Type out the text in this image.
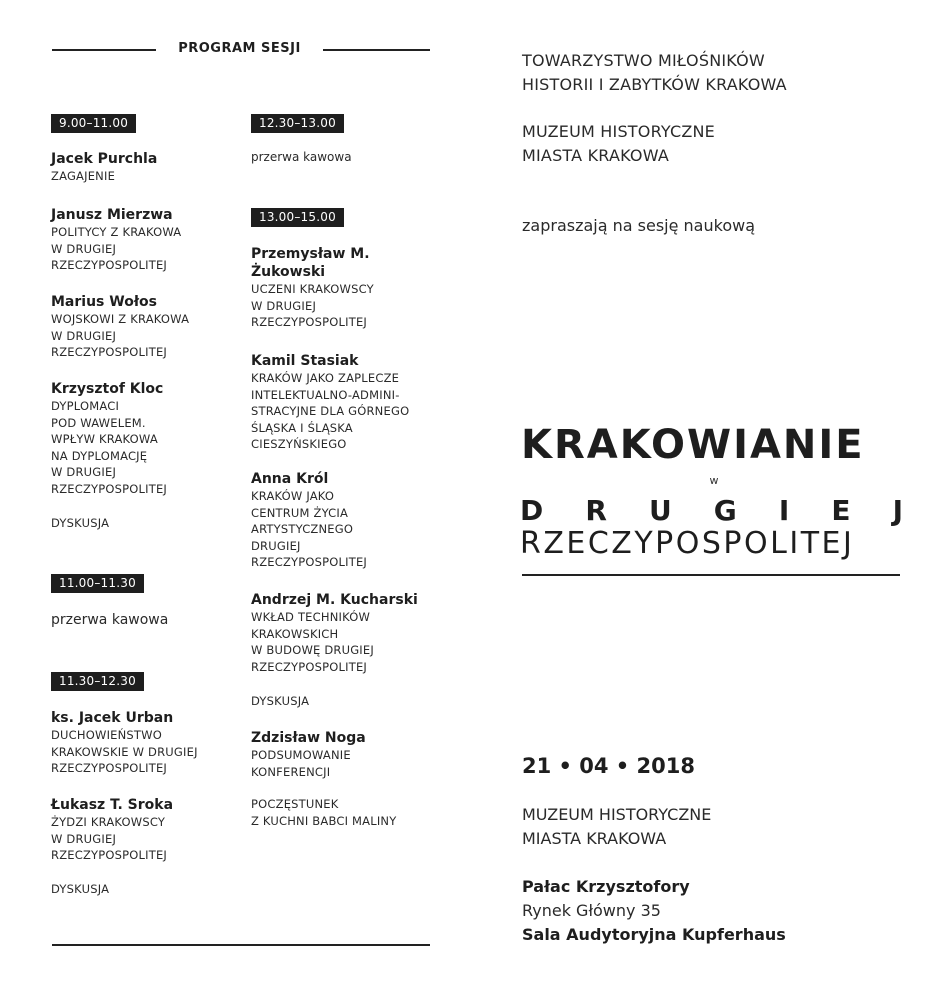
PROGRAM SESJI
9.00–11.00
Jacek Purchla
ZAGAJENIE
Janusz Mierzwa
POLITYCY Z KRAKOWA
W DRUGIEJ
RZECZYPOSPOLITEJ
Marius Wołos
WOJSKOWI Z KRAKOWA
W DRUGIEJ
RZECZYPOSPOLITEJ
Krzysztof Kloc
DYPLOMACI
POD WAWELEM.
WPŁYW KRAKOWA
NA DYPLOMACJĘ
W DRUGIEJ
RZECZYPOSPOLITEJ
DYSKUSJA
11.00–11.30
przerwa kawowa
11.30–12.30
ks. Jacek Urban
DUCHOWIEŃSTWO
KRAKOWSKIE W DRUGIEJ
RZECZYPOSPOLITEJ
Łukasz T. Sroka
ŻYDZI KRAKOWSCY
W DRUGIEJ
RZECZYPOSPOLITEJ
DYSKUSJA
12.30–13.00
przerwa kawowa
13.00–15.00
Przemysław M. Żukowski
UCZENI KRAKOWSCY
W DRUGIEJ
RZECZYPOSPOLITEJ
Kamil Stasiak
KRAKÓW JAKO ZAPLECZE
INTELEKTUALNO-ADMINI-
STRACYJNE DLA GÓRNEGO
ŚLĄSKA I ŚLĄSKA
CIESZYŃSKIEGO
Anna Król
KRAKÓW JAKO
CENTRUM ŻYCIA
ARTYSTYCZNEGO
DRUGIEJ
RZECZYPOSPOLITEJ
Andrzej M. Kucharski
WKŁAD TECHNIKÓW
KRAKOWSKICH
W BUDOWĘ DRUGIEJ
RZECZYPOSPOLITEJ
DYSKUSJA
Zdzisław Noga
PODSUMOWANIE
KONFERENCJI
POCZĘSTUNEK
Z KUCHNI BABCI MALINY
TOWARZYSTWO MIŁOŚNIKÓW
HISTORII I ZABYTKÓW KRAKOWA
MUZEUM HISTORYCZNE
MIASTA KRAKOWA
zapraszają na sesję naukową
KRAKOWIANIE
w
D R U G I E J
RZECZYPOSPOLITEJ
21 • 04 • 2018
MUZEUM HISTORYCZNE
MIASTA KRAKOWA
Pałac Krzysztofory
Rynek Główny 35
Sala Audytoryjna Kupferhaus
